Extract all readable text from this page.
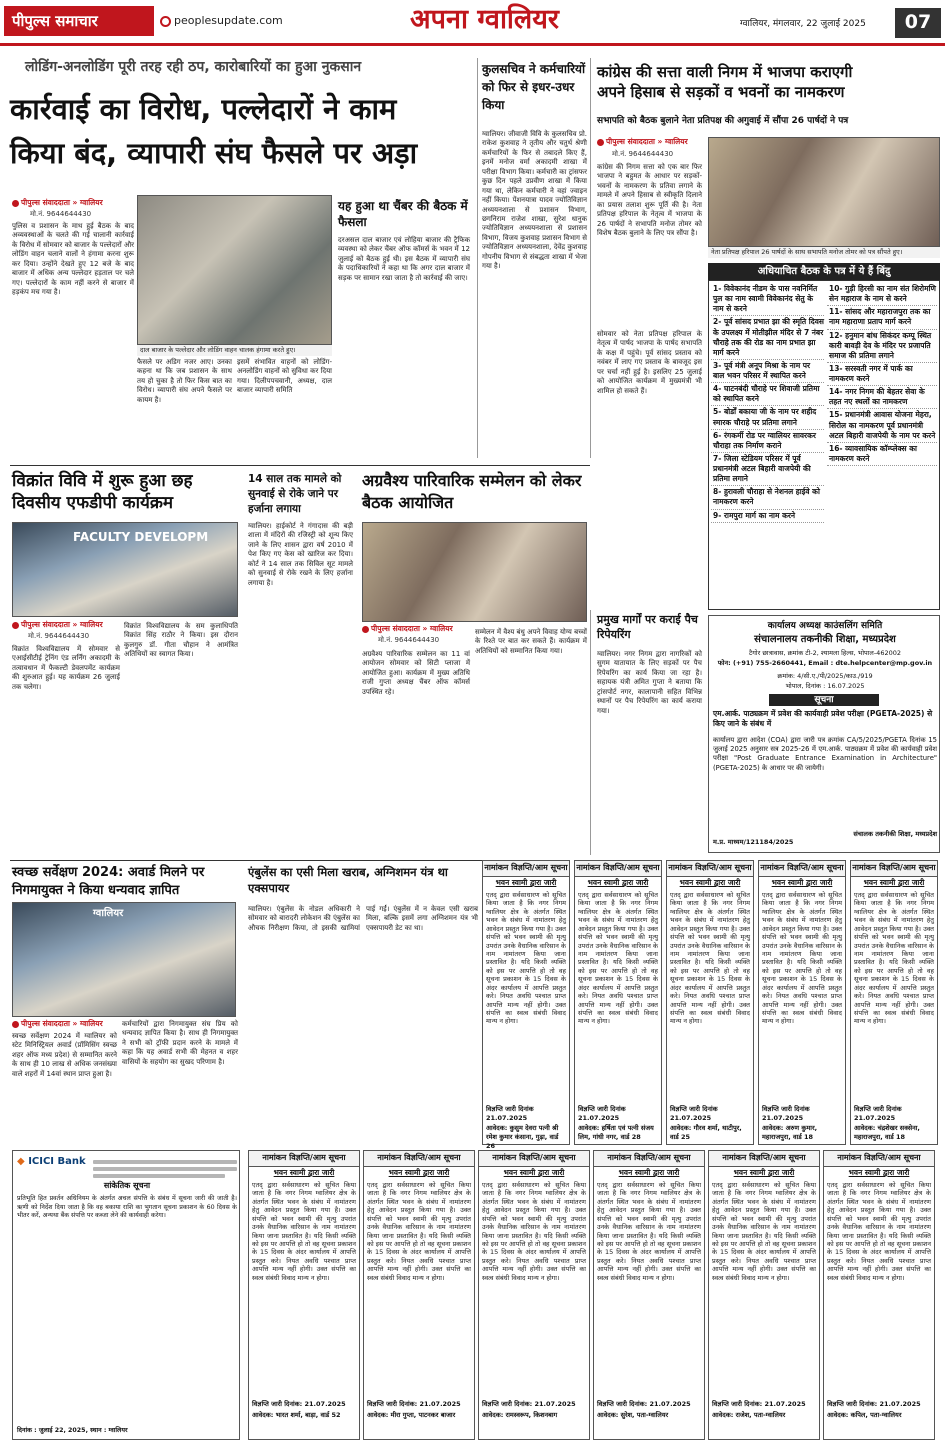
पीपुल्स समाचार	peoplesupdate.com	अपना ग्वालियर	ग्वालियर, मंगलवार, 22 जुलाई 2025	07
लोडिंग-अनलोडिंग पूरी तरह रही ठप, कारोबारियों का हुआ नुकसान
कार्रवाई का विरोध, पल्लेदारों ने काम
किया बंद, व्यापारी संघ फैसले पर अड़ा
पीपुल्स संवाददाता » ग्वालियर
मो.नं. 9644644430
पुलिस व प्रशासन के माथ हुई बैठक के बाद अव्यवस्थाओं के चलते की गई चालानी कार्रवाई के विरोध में सोमवार को बाजार के पल्लेदारों और लोडिंग वाहन चलाने वालों ने हंगामा करना शुरू कर दिया। उन्होंने देखते हुए 12 बजे के बाद बाजार में अधिक अन्य पल्लेदार हड़ताल पर चले गए। पल्लेदारों के काम नहीं करने से बाजार में हड़कंप मच गया है।
दाल बाजार के पल्लेदार और लोडिंग वाहन चालक हंगामा करते हुए।
फैसले पर अडिग नजर आए। उनका कहना था कि जब प्रशासन के साथ तय हो चुका है तो फिर किस बात का विरोध। व्यापारी संघ अपने फैसले पर कायम है।
इसमें संभावित वाहनों को लोडिंग-अनलोडिंग वाहनों को सुविधा कर दिया गया। दिलीपपचवानी, अध्यक्ष, दाल बाजार व्यापारी समिति
यह हुआ था चैंबर की बैठक में फैसला
दरअसल दाल बाजार एवं लोहिया बाजार की ट्रैफिक व्यवस्था को लेकर चैंबर ऑफ कॉमर्स के भवन में 12 जुलाई को बैठक हुई थी। इस बैठक में व्यापारी संघ के पदाधिकारियों ने कहा था कि अगर दाल बाजार में सड़क पर सामान रखा जाता है तो कार्रवाई की जाए।
कुलसचिव ने कर्मचारियों को फिर से इधर-उधर किया
ग्वालियर। जीवाजी विवि के कुलसचिव प्रो. राकेश कुशवाह ने तृतीय और चतुर्थ श्रेणी कर्मचारियों के फिर से तबादले किए हैं, इनमें मनोज वर्मा अकादमी शाखा में परीक्षा विभाग किया। कर्मचारी का ट्रांसफर कुछ दिन पहले उप्रवीण शाखा में किया गया था, लेकिन कर्मचारी ने वहां ज्वाइन नहीं किया। पेंशनयात्रा यादव ज्योतिविज्ञान अध्ययनशाला से प्रशासन विभाग, छगनिराम राजेश शाखा, सुरेश धानुक ज्योतिविज्ञान अध्ययनशाला से प्रशासन विभाग, विजय कुशवाह प्रशासन विभाग से ज्योतिविज्ञान अध्ययनशाला, देवेंद्र कुशवाह गोपनीय विभाग से संबद्धता शाखा में भेजा गया है।
कांग्रेस की सत्ता वाली निगम में भाजपा कराएगी
अपने हिसाब से सड़कों व भवनों का नामकरण
सभापति को बैठक बुलाने नेता प्रतिपक्ष की अगुवाई में सौंपा 26 पार्षदों ने पत्र
पीपुल्स संवाददाता » ग्वालियर
मो.नं. 9644644430
कांग्रेस की निगम सत्ता को एक बार फिर भाजपा ने बहुमत के आधार पर सड़कों-भवनों के नामकरण के प्रतिवा लगाने के मामले में अपने हिसाब से स्वीकृति दिलाने का प्रयास तलाश शुरू पूर्ति की है। नेता प्रतिपक्ष हरिपाल के नेतृत्व में भाजपा के 26 पार्षदों ने सभापति मनोज तोमर को विशेष बैठक बुलाने के लिए पत्र सौंपा है।
नेता प्रतिपक्ष हरिपाल 26 पार्षदों के साथ सभापति मनोज तोमर को पत्र सौंपते हुए।
सोमवार को नेता प्रतिपक्ष हरिपाल के नेतृत्व में पार्षद भाजपा के पार्षद सभापति के कक्ष में पहुंचे। पूर्व सांसद प्रस्ताव को नवंबर में लाए गए प्रस्ताव के बावजूद इस पर चर्चा नहीं हुई है। इसलिए 25 जुलाई को आयोजित कार्यक्रम में मुख्यमंत्री भी शामिल हो सकते हैं।
अधियाचित बैठक के पत्र में ये हैं बिंदु
1- विवेकानंद नीडम के पास नवनिर्मित पुल का नाम स्वामी विवेकानंद सेतु के नाम से करने
2- पूर्व सांसद प्रभात झा की स्मृति दिवस के उपलक्ष्य में मोतीझील मंदिर से 7 नंबर चौराहे तक की रोड का नाम प्रभात झा मार्ग करने
3- पूर्व मंत्री अनूप मिश्रा के नाम पर बाल भवन परिसर में स्थापित करने
4- घाटनबंदी चौराहे पर शिवाजी प्रतिमा को स्थापित करने
5- बोर्डों बकाया जी के नाम पर शहीद स्मारक चौराहे पर प्रतिमा लगाने
6- रंगकर्मी रोड पर ग्वालियर सावरकर चौराहा तक निर्माण कराने
7- जिला स्टेडियम परिसर में पूर्व प्रधानमंत्री अटल बिहारी वाजपेयी की प्रतिमा लगाने
8- हुरावली चौराहा से नेशनल हाईवे को नामकरण करने
9- रामपुरा मार्ग का नाम करने
10- गुड़ी हिरसी का नाम संत शिरोमणि सेन महाराज के नाम से करने
11- सांसद और महाराजपुरा तक का नाम महाराणा प्रताप मार्ग करने
12- हनुमान बांध सिकंदर कम्पू स्थित कारी बावड़ी देव के मंदिर पर प्रजापति समाज की प्रतिमा लगाने
13- सरस्वती नगर में पार्क का नामकरण करने
14- नगर निगम की बेहतर सेवा के तहत नए स्थलों का नामकरण
15- प्रधानमंत्री आवास योजना मेहरा, सिरोल का नामकरण पूर्व प्रधानमंत्री अटल बिहारी वाजपेयी के नाम पर करने
16- व्यावसायिक कॉम्प्लेक्स का नामकरण करने
विक्रांत विवि में शुरू हुआ छह दिवसीय एफडीपी कार्यक्रम
FACULTY DEVELOPM
पीपुल्स संवाददाता » ग्वालियर
मो.नं. 9644644430
विक्रांत विश्वविद्यालय में सोमवार से एआईसीटीई ट्रेनिंग एंड लर्निंग अकादमी के तत्वावधान में फैकल्टी डेवलपमेंट कार्यक्रम की शुरुआत हुई। यह कार्यक्रम 26 जुलाई तक चलेगा।
विक्रांत विश्वविद्यालय के सम कुलाधिपति विक्रांत सिंह राठौर ने किया। इस दौरान कुलगुरु डॉ. गीता चौहान ने आमंत्रित अतिथियों का स्वागत किया।
14 साल तक मामले को सुनवाई से रोके जाने पर हर्जाना लगाया
ग्वालियर। हाईकोर्ट ने गंगादास की बड़ी शाला में मंदिरों की रजिस्ट्री को शून्य किए जाने के लिए शासन द्वारा वर्ष 2010 में पेश किए गए केस को खारिज कर दिया। कोर्ट ने 14 साल तक सिविल सूट मामले को सुनवाई से रोके रखने के लिए हर्जाना लगाया है।
अग्रवैश्य पारिवारिक सम्मेलन को लेकर बैठक आयोजित
पीपुल्स संवाददाता » ग्वालियर
मो.नं. 9644644430
अग्रवैश्य पारिवारिक सम्मेलन का 11 वां आयोजन सोमवार को सिटी प्लाजा में आयोजित हुआ। कार्यक्रम में मुख्य अतिथि राजी गुप्ता अध्यक्ष चैंबर ऑफ कॉमर्स उपस्थित रहे।
सम्मेलन में वैश्य बंधु अपने विवाह योग्य बच्चों के रिश्ते पर बात कर सकते हैं। कार्यक्रम में अतिथियों को सम्मानित किया गया।
प्रमुख मार्गों पर कराई पैच रिपेयरिंग
ग्वालियर। नगर निगम द्वारा नागरिकों को सुगम यातायात के लिए सड़कों पर पैच रिपेयरिंग का कार्य किया जा रहा है। सहायक यंत्री अमित गुप्ता ने बताया कि ट्रांसपोर्ट नगर, कालापानी सहित विभिन्न स्थानों पर पैच रिपेयरिंग का कार्य कराया गया।
कार्यालय अध्यक्ष काउंसलिंग समिति
संचालनालय तकनीकी शिक्षा, मध्यप्रदेश
टैगोर छात्रावास, क्रमांक टी-2, श्यामला हिल्स, भोपाल-462002
फोन: (+91) 755-2660441, Email : dte.helpcenter@mp.gov.in
क्रमांक: 4/सी.ए./पी/2025/काउ./919
भोपाल, दिनांक : 16.07.2025
सूचना
एम.आर्क. पाठ्यक्रम में प्रवेश की कार्यवाही प्रवेश परीक्षा (PGETA-2025) से किए जाने के संबंध में
कार्यालय द्वारा आदेश (COA) द्वारा जारी पत्र क्रमांक CA/5/2025/PGETA दिनांक 15 जुलाई 2025 अनुसार सत्र 2025-26 में एम.आर्क. पाठ्यक्रम में प्रवेश की कार्यवाही प्रवेश परीक्षा "Post Graduate Entrance Examination in Architecture" (PGETA-2025) के आधार पर की जायेगी।
म.प्र. माध्यम/121184/2025
संचालक तकनीकी शिक्षा, मध्यप्रदेश
स्वच्छ सर्वेक्षण 2024: अवार्ड मिलने पर निगमायुक्त ने किया धन्यवाद ज्ञापित
ग्वालियर
पीपुल्स संवाददाता » ग्वालियर
स्वच्छ सर्वेक्षण 2024 में ग्वालियर को स्टेट मिनिस्ट्रियल अवार्ड (प्रॉमिसिंग स्वच्छ शहर ऑफ मध्य प्रदेश) से सम्मानित करने के साथ ही 10 लाख से अधिक जनसंख्या वाले शहरों में 14वां स्थान प्राप्त हुआ है।
कर्मचारियों द्वारा निगमायुक्त संघ प्रिय को धन्यवाद ज्ञापित किया है। साथ ही निगमायुक्त ने सभी को ट्रॉफी प्रदान करने के मामले में कहा कि यह अवार्ड सभी की मेहनत व शहर वासियों के सहयोग का सुखद परिणाम है।
एंबुलेंस का एसी मिला खराब, अग्निशमन यंत्र था एक्सपायर
ग्वालियर। एंबुलेंस के नोडल अधिकारी ने सोमवार को बारादरी लोकेशन की एंबुलेंस का औचक निरीक्षण किया, तो इसकी खामियां पाई गईं। एंबुलेंस में न केवल एसी खराब मिला, बल्कि इसमें लगा अग्निशमन यंत्र भी एक्सपायरी डेट का था।
नामांकन विज्ञप्ति/आम सूचना
भवन स्वामी द्वारा जारी
एतद् द्वारा सर्वसाधारण को सूचित किया जाता है कि नगर निगम ग्वालियर क्षेत्र के अंतर्गत स्थित भवन के संबंध में नामांतरण हेतु आवेदन प्रस्तुत किया गया है। उक्त संपत्ति को भवन स्वामी की मृत्यु उपरांत उनके वैधानिक वारिसान के नाम नामांतरण किया जाना प्रस्तावित है। यदि किसी व्यक्ति को इस पर आपत्ति हो तो वह सूचना प्रकाशन के 15 दिवस के अंदर कार्यालय में आपत्ति प्रस्तुत करे। नियत अवधि पश्चात प्राप्त आपत्ति मान्य नहीं होगी। उक्त संपत्ति का स्वत्व संबंधी विवाद मान्य न होगा।
विज्ञप्ति जारी दिनांक 21.07.2025
आवेदक: कुसुम देवरा पत्नी श्री रमेश कुमार कंसाना, गुढ़ा, वार्ड 26
नामांकन विज्ञप्ति/आम सूचना
भवन स्वामी द्वारा जारी
एतद् द्वारा सर्वसाधारण को सूचित किया जाता है कि नगर निगम ग्वालियर क्षेत्र के अंतर्गत स्थित भवन के संबंध में नामांतरण हेतु आवेदन प्रस्तुत किया गया है। उक्त संपत्ति को भवन स्वामी की मृत्यु उपरांत उनके वैधानिक वारिसान के नाम नामांतरण किया जाना प्रस्तावित है। यदि किसी व्यक्ति को इस पर आपत्ति हो तो वह सूचना प्रकाशन के 15 दिवस के अंदर कार्यालय में आपत्ति प्रस्तुत करे। नियत अवधि पश्चात प्राप्त आपत्ति मान्य नहीं होगी। उक्त संपत्ति का स्वत्व संबंधी विवाद मान्य न होगा।
विज्ञप्ति जारी दिनांक 21.07.2025
आवेदक: हर्षिता एवं पत्नी संजय लिम, गांधी नगर, वार्ड 28
नामांकन विज्ञप्ति/आम सूचना
भवन स्वामी द्वारा जारी
एतद् द्वारा सर्वसाधारण को सूचित किया जाता है कि नगर निगम ग्वालियर क्षेत्र के अंतर्गत स्थित भवन के संबंध में नामांतरण हेतु आवेदन प्रस्तुत किया गया है। उक्त संपत्ति को भवन स्वामी की मृत्यु उपरांत उनके वैधानिक वारिसान के नाम नामांतरण किया जाना प्रस्तावित है। यदि किसी व्यक्ति को इस पर आपत्ति हो तो वह सूचना प्रकाशन के 15 दिवस के अंदर कार्यालय में आपत्ति प्रस्तुत करे। नियत अवधि पश्चात प्राप्त आपत्ति मान्य नहीं होगी। उक्त संपत्ति का स्वत्व संबंधी विवाद मान्य न होगा।
विज्ञप्ति जारी दिनांक 21.07.2025
आवेदक: गौरव शर्मा, थाटीपुर, वार्ड 25
नामांकन विज्ञप्ति/आम सूचना
भवन स्वामी द्वारा जारी
एतद् द्वारा सर्वसाधारण को सूचित किया जाता है कि नगर निगम ग्वालियर क्षेत्र के अंतर्गत स्थित भवन के संबंध में नामांतरण हेतु आवेदन प्रस्तुत किया गया है। उक्त संपत्ति को भवन स्वामी की मृत्यु उपरांत उनके वैधानिक वारिसान के नाम नामांतरण किया जाना प्रस्तावित है। यदि किसी व्यक्ति को इस पर आपत्ति हो तो वह सूचना प्रकाशन के 15 दिवस के अंदर कार्यालय में आपत्ति प्रस्तुत करे। नियत अवधि पश्चात प्राप्त आपत्ति मान्य नहीं होगी। उक्त संपत्ति का स्वत्व संबंधी विवाद मान्य न होगा।
विज्ञप्ति जारी दिनांक 21.07.2025
आवेदक: अरुण कुमार, महाराजपुरा, वार्ड 18
नामांकन विज्ञप्ति/आम सूचना
भवन स्वामी द्वारा जारी
एतद् द्वारा सर्वसाधारण को सूचित किया जाता है कि नगर निगम ग्वालियर क्षेत्र के अंतर्गत स्थित भवन के संबंध में नामांतरण हेतु आवेदन प्रस्तुत किया गया है। उक्त संपत्ति को भवन स्वामी की मृत्यु उपरांत उनके वैधानिक वारिसान के नाम नामांतरण किया जाना प्रस्तावित है। यदि किसी व्यक्ति को इस पर आपत्ति हो तो वह सूचना प्रकाशन के 15 दिवस के अंदर कार्यालय में आपत्ति प्रस्तुत करे। नियत अवधि पश्चात प्राप्त आपत्ति मान्य नहीं होगी। उक्त संपत्ति का स्वत्व संबंधी विवाद मान्य न होगा।
विज्ञप्ति जारी दिनांक 21.07.2025
आवेदक: चंद्रशेखर सक्सेना, महाराजपुरा, वार्ड 18
◆ ICICI Bank
सांकेतिक सूचना
प्रतिभूति हित प्रवर्तन अधिनियम के अंतर्गत अचल संपत्ति के संबंध में सूचना जारी की जाती है। ऋणी को निर्देश दिया जाता है कि वह बकाया राशि का भुगतान सूचना प्रकाशन के 60 दिवस के भीतर करें, अन्यथा बैंक संपत्ति पर कब्जा लेने की कार्यवाही करेगा।
दिनांक : जुलाई 22, 2025, स्थान : ग्वालियर
नामांकन विज्ञप्ति/आम सूचना
भवन स्वामी द्वारा जारी
एतद् द्वारा सर्वसाधारण को सूचित किया जाता है कि नगर निगम ग्वालियर क्षेत्र के अंतर्गत स्थित भवन के संबंध में नामांतरण हेतु आवेदन प्रस्तुत किया गया है। उक्त संपत्ति को भवन स्वामी की मृत्यु उपरांत उनके वैधानिक वारिसान के नाम नामांतरण किया जाना प्रस्तावित है। यदि किसी व्यक्ति को इस पर आपत्ति हो तो वह सूचना प्रकाशन के 15 दिवस के अंदर कार्यालय में आपत्ति प्रस्तुत करे। नियत अवधि पश्चात प्राप्त आपत्ति मान्य नहीं होगी। उक्त संपत्ति का स्वत्व संबंधी विवाद मान्य न होगा।
विज्ञप्ति जारी दिनांक: 21.07.2025
आवेदक: भारत शर्मा, बाड़ा, वार्ड 52
नामांकन विज्ञप्ति/आम सूचना
भवन स्वामी द्वारा जारी
एतद् द्वारा सर्वसाधारण को सूचित किया जाता है कि नगर निगम ग्वालियर क्षेत्र के अंतर्गत स्थित भवन के संबंध में नामांतरण हेतु आवेदन प्रस्तुत किया गया है। उक्त संपत्ति को भवन स्वामी की मृत्यु उपरांत उनके वैधानिक वारिसान के नाम नामांतरण किया जाना प्रस्तावित है। यदि किसी व्यक्ति को इस पर आपत्ति हो तो वह सूचना प्रकाशन के 15 दिवस के अंदर कार्यालय में आपत्ति प्रस्तुत करे। नियत अवधि पश्चात प्राप्त आपत्ति मान्य नहीं होगी। उक्त संपत्ति का स्वत्व संबंधी विवाद मान्य न होगा।
विज्ञप्ति जारी दिनांक: 21.07.2025
आवेदक: मीरा गुप्ता, पाटनकर बाजार
नामांकन विज्ञप्ति/आम सूचना
भवन स्वामी द्वारा जारी
एतद् द्वारा सर्वसाधारण को सूचित किया जाता है कि नगर निगम ग्वालियर क्षेत्र के अंतर्गत स्थित भवन के संबंध में नामांतरण हेतु आवेदन प्रस्तुत किया गया है। उक्त संपत्ति को भवन स्वामी की मृत्यु उपरांत उनके वैधानिक वारिसान के नाम नामांतरण किया जाना प्रस्तावित है। यदि किसी व्यक्ति को इस पर आपत्ति हो तो वह सूचना प्रकाशन के 15 दिवस के अंदर कार्यालय में आपत्ति प्रस्तुत करे। नियत अवधि पश्चात प्राप्त आपत्ति मान्य नहीं होगी। उक्त संपत्ति का स्वत्व संबंधी विवाद मान्य न होगा।
विज्ञप्ति जारी दिनांक: 21.07.2025
आवेदक: रामस्वरूप, किशनबाग
नामांकन विज्ञप्ति/आम सूचना
भवन स्वामी द्वारा जारी
एतद् द्वारा सर्वसाधारण को सूचित किया जाता है कि नगर निगम ग्वालियर क्षेत्र के अंतर्गत स्थित भवन के संबंध में नामांतरण हेतु आवेदन प्रस्तुत किया गया है। उक्त संपत्ति को भवन स्वामी की मृत्यु उपरांत उनके वैधानिक वारिसान के नाम नामांतरण किया जाना प्रस्तावित है। यदि किसी व्यक्ति को इस पर आपत्ति हो तो वह सूचना प्रकाशन के 15 दिवस के अंदर कार्यालय में आपत्ति प्रस्तुत करे। नियत अवधि पश्चात प्राप्त आपत्ति मान्य नहीं होगी। उक्त संपत्ति का स्वत्व संबंधी विवाद मान्य न होगा।
विज्ञप्ति जारी दिनांक: 21.07.2025
आवेदक: सुरेश, पता-ग्वालियर
नामांकन विज्ञप्ति/आम सूचना
भवन स्वामी द्वारा जारी
एतद् द्वारा सर्वसाधारण को सूचित किया जाता है कि नगर निगम ग्वालियर क्षेत्र के अंतर्गत स्थित भवन के संबंध में नामांतरण हेतु आवेदन प्रस्तुत किया गया है। उक्त संपत्ति को भवन स्वामी की मृत्यु उपरांत उनके वैधानिक वारिसान के नाम नामांतरण किया जाना प्रस्तावित है। यदि किसी व्यक्ति को इस पर आपत्ति हो तो वह सूचना प्रकाशन के 15 दिवस के अंदर कार्यालय में आपत्ति प्रस्तुत करे। नियत अवधि पश्चात प्राप्त आपत्ति मान्य नहीं होगी। उक्त संपत्ति का स्वत्व संबंधी विवाद मान्य न होगा।
विज्ञप्ति जारी दिनांक: 21.07.2025
आवेदक: राजेश, पता-ग्वालियर
नामांकन विज्ञप्ति/आम सूचना
भवन स्वामी द्वारा जारी
एतद् द्वारा सर्वसाधारण को सूचित किया जाता है कि नगर निगम ग्वालियर क्षेत्र के अंतर्गत स्थित भवन के संबंध में नामांतरण हेतु आवेदन प्रस्तुत किया गया है। उक्त संपत्ति को भवन स्वामी की मृत्यु उपरांत उनके वैधानिक वारिसान के नाम नामांतरण किया जाना प्रस्तावित है। यदि किसी व्यक्ति को इस पर आपत्ति हो तो वह सूचना प्रकाशन के 15 दिवस के अंदर कार्यालय में आपत्ति प्रस्तुत करे। नियत अवधि पश्चात प्राप्त आपत्ति मान्य नहीं होगी। उक्त संपत्ति का स्वत्व संबंधी विवाद मान्य न होगा।
विज्ञप्ति जारी दिनांक: 21.07.2025
आवेदक: कपिल, पता-ग्वालियर
